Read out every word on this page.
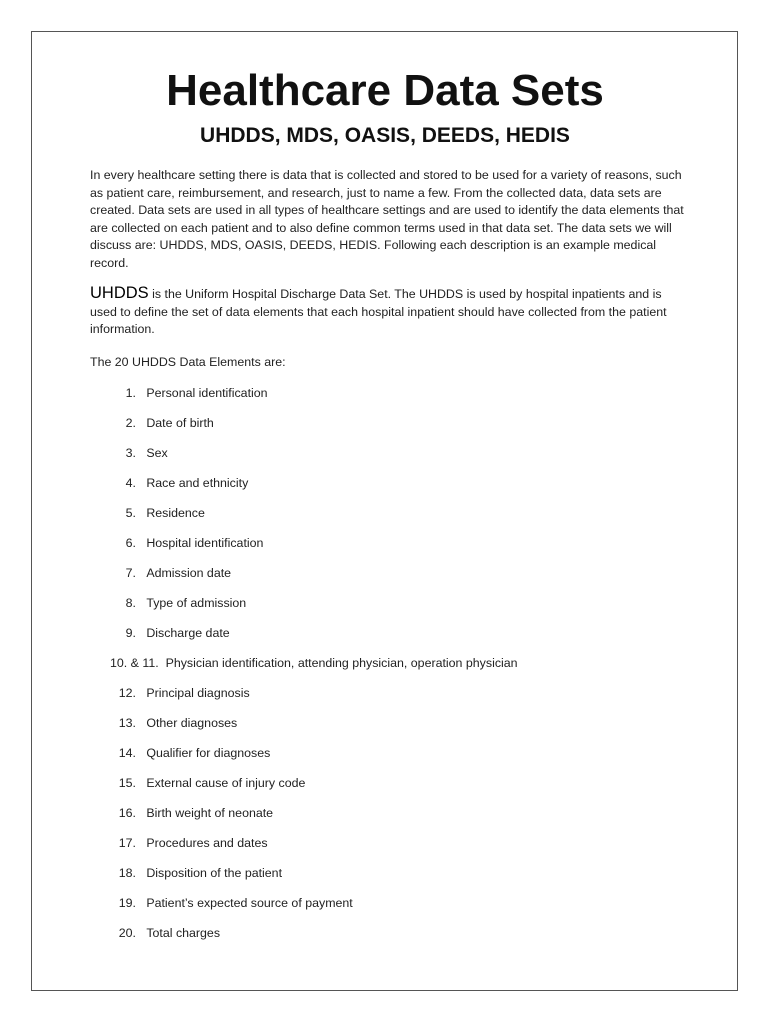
Healthcare Data Sets
UHDDS, MDS, OASIS, DEEDS, HEDIS

In every healthcare setting there is data that is collected and stored to be used for a variety of reasons, such as patient care, reimbursement, and research, just to name a few. From the collected data, data sets are created. Data sets are used in all types of healthcare settings and are used to identify the data elements that are collected on each patient and to also define common terms used in that data set. The data sets we will discuss are: UHDDS, MDS, OASIS, DEEDS, HEDIS. Following each description is an example medical record.

UHDDS is the Uniform Hospital Discharge Data Set. The UHDDS is used by hospital inpatients and is used to define the set of data elements that each hospital inpatient should have collected from the patient information.

The 20 UHDDS Data Elements are:

1. Personal identification
2. Date of birth
3. Sex
4. Race and ethnicity
5. Residence
6. Hospital identification
7. Admission date
8. Type of admission
9. Discharge date
10. & 11. Physician identification, attending physician, operation physician
12. Principal diagnosis
13. Other diagnoses
14. Qualifier for diagnoses
15. External cause of injury code
16. Birth weight of neonate
17. Procedures and dates
18. Disposition of the patient
19. Patient’s expected source of payment
20. Total charges
